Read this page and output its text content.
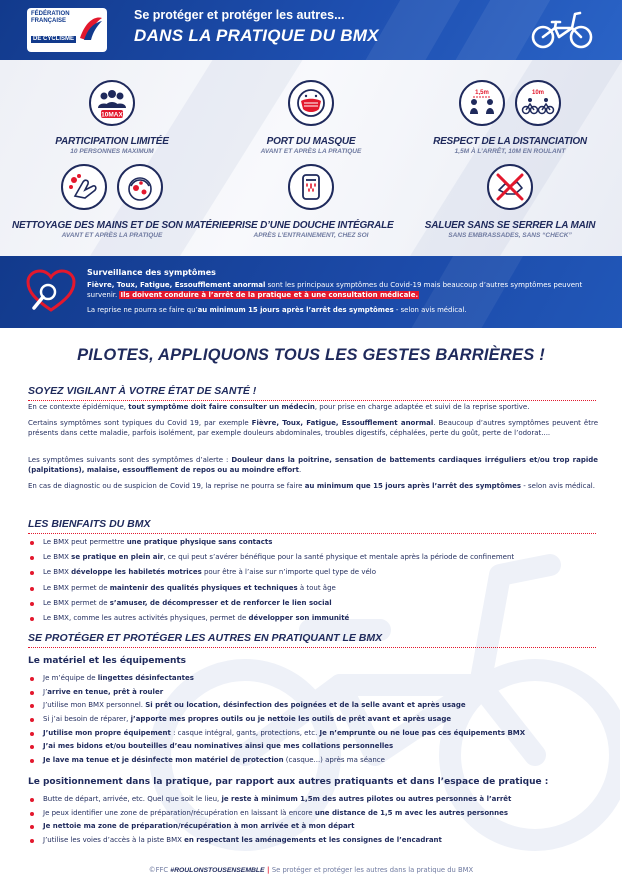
FÉDÉRATION
FRANÇAISE
DE CYCLISME
Se protéger et protéger les autres...
DANS LA PRATIQUE DU BMX
10MAX
PARTICIPATION LIMITÉE
10 PERSONNES MAXIMUM
PORT DU MASQUE
AVANT ET APRÈS LA PRATIQUE
1,5m	10m
RESPECT DE LA DISTANCIATION
1,5M À L’ARRÊT, 10M EN ROULANT
NETTOYAGE DES MAINS ET DE SON MATÉRIEL
AVANT ET APRÈS LA PRATIQUE
PRISE D’UNE DOUCHE INTÉGRALE
APRÈS L’ENTRAINEMENT, CHEZ SOI
SALUER SANS SE SERRER LA MAIN
SANS EMBRASSADES, SANS “CHECK”
Surveillance des symptômes
Fièvre, Toux, Fatigue, Essoufflement anormal sont les principaux symptômes du Covid-19 mais beaucoup d’autres symptômes peuvent survenir. Ils doivent conduire à l’arrêt de la pratique et à une consultation médicale.
La reprise ne pourra se faire qu’au minimum 15 jours après l’arrêt des symptômes - selon avis médical.
PILOTES, APPLIQUONS TOUS LES GESTES BARRIÈRES !
SOYEZ VIGILANT À VOTRE ÉTAT DE SANTÉ !
En ce contexte épidémique, tout symptôme doit faire consulter un médecin, pour prise en charge adaptée et suivi de la reprise sportive.
Certains symptômes sont typiques du Covid 19, par exemple Fièvre, Toux, Fatigue, Essoufflement anormal. Beaucoup d’autres symptômes peuvent être présents dans cette maladie, parfois isolément, par exemple douleurs abdominales, troubles digestifs, céphalées, perte du goût, perte de l’odorat....
Les symptômes suivants sont des symptômes d’alerte : Douleur dans la poitrine, sensation de battements cardiaques irréguliers et/ou trop rapide (palpitations), malaise, essoufflement de repos ou au moindre effort.
En cas de diagnostic ou de suspicion de Covid 19, la reprise ne pourra se faire au minimum que 15 jours après l’arrêt des symptômes - selon avis médical.
LES BIENFAITS DU BMX
Le BMX peut permettre une pratique physique sans contacts
Le BMX se pratique en plein air, ce qui peut s’avérer bénéfique pour la santé physique et mentale après la période de confinement
Le BMX développe les habiletés motrices pour être à l’aise sur n’importe quel type de vélo
Le BMX permet de maintenir des qualités physiques et techniques à tout âge
Le BMX permet de s’amuser, de décompresser et de renforcer le lien social
Le BMX, comme les autres activités physiques, permet de développer son immunité
SE PROTÉGER ET PROTÉGER LES AUTRES EN PRATIQUANT LE BMX
Le matériel et les équipements
Je m’équipe de lingettes désinfectantes
J’arrive en tenue, prêt à rouler
J’utilise mon BMX personnel. Si prêt ou location, désinfection des poignées et de la selle avant et après usage
Si j’ai besoin de réparer, j’apporte mes propres outils ou je nettoie les outils de prêt avant et après usage
J’utilise mon propre équipement : casque intégral, gants, protections, etc. Je n’emprunte ou ne loue pas ces équipements BMX
J’ai mes bidons et/ou bouteilles d’eau nominatives ainsi que mes collations personnelles
Je lave ma tenue et je désinfecte mon matériel de protection (casque...) après ma séance
Le positionnement dans la pratique, par rapport aux autres pratiquants et dans l’espace de pratique :
Butte de départ, arrivée, etc. Quel que soit le lieu, je reste à minimum 1,5m des autres pilotes ou autres personnes à l’arrêt
Je peux identifier une zone de préparation/récupération en laissant là encore une distance de 1,5 m avec les autres personnes
Je nettoie ma zone de préparation/récupération à mon arrivée et à mon départ
J’utilise les voies d’accès à la piste BMX en respectant les aménagements et les consignes de l’encadrant
©FFC #ROULONSTOUSENSEMBLE | Se protéger et protéger les autres dans la pratique du BMX
